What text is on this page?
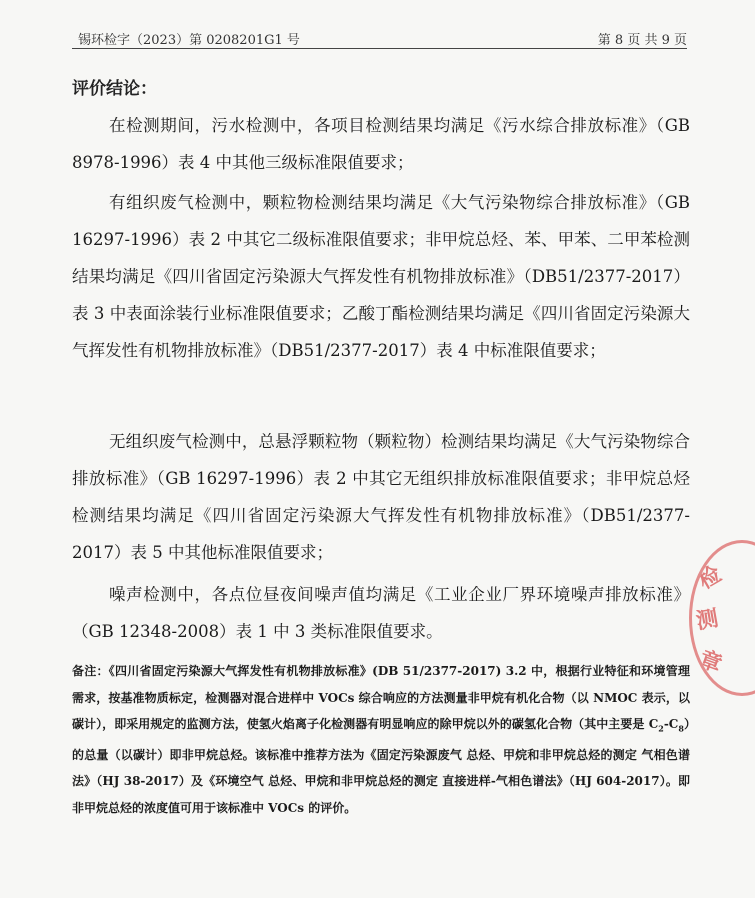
锡环检字（2023）第 0208201G1 号	第 8 页 共 9 页
评价结论：
在检测期间，污水检测中，各项目检测结果均满足《污水综合排放标准》（GB 8978-1996）表 4 中其他三级标准限值要求；
有组织废气检测中，颗粒物检测结果均满足《大气污染物综合排放标准》（GB 16297-1996）表 2 中其它二级标准限值要求；非甲烷总烃、苯、甲苯、二甲苯检测结果均满足《四川省固定污染源大气挥发性有机物排放标准》（DB51/2377-2017）表 3 中表面涂装行业标准限值要求；乙酸丁酯检测结果均满足《四川省固定污染源大气挥发性有机物排放标准》（DB51/2377-2017）表 4 中标准限值要求；
无组织废气检测中，总悬浮颗粒物（颗粒物）检测结果均满足《大气污染物综合排放标准》（GB 16297-1996）表 2 中其它无组织排放标准限值要求；非甲烷总烃检测结果均满足《四川省固定污染源大气挥发性有机物排放标准》（DB51/2377-2017）表 5 中其他标准限值要求；
噪声检测中，各点位昼夜间噪声值均满足《工业企业厂界环境噪声排放标准》（GB 12348-2008）表 1 中 3 类标准限值要求。
备注：《四川省固定污染源大气挥发性有机物排放标准》(DB 51/2377-2017) 3.2 中，根据行业特征和环境管理需求，按基准物质标定，检测器对混合进样中 VOCs 综合响应的方法测量非甲烷有机化合物（以 NMOC 表示，以碳计），即采用规定的监测方法，使氢火焰离子化检测器有明显响应的除甲烷以外的碳氢化合物（其中主要是 $C_2-C_8$）的总量（以碳计）即非甲烷总烃。该标准中推荐方法为《固定污染源废气 总烃、甲烷和非甲烷总烃的测定 气相色谱法》（HJ 38-2017）及《环境空气 总烃、甲烷和非甲烷总烃的测定 直接进样-气相色谱法》（HJ 604-2017）。即非甲烷总烃的浓度值可用于该标准中 VOCs 的评价。
检
测
章
